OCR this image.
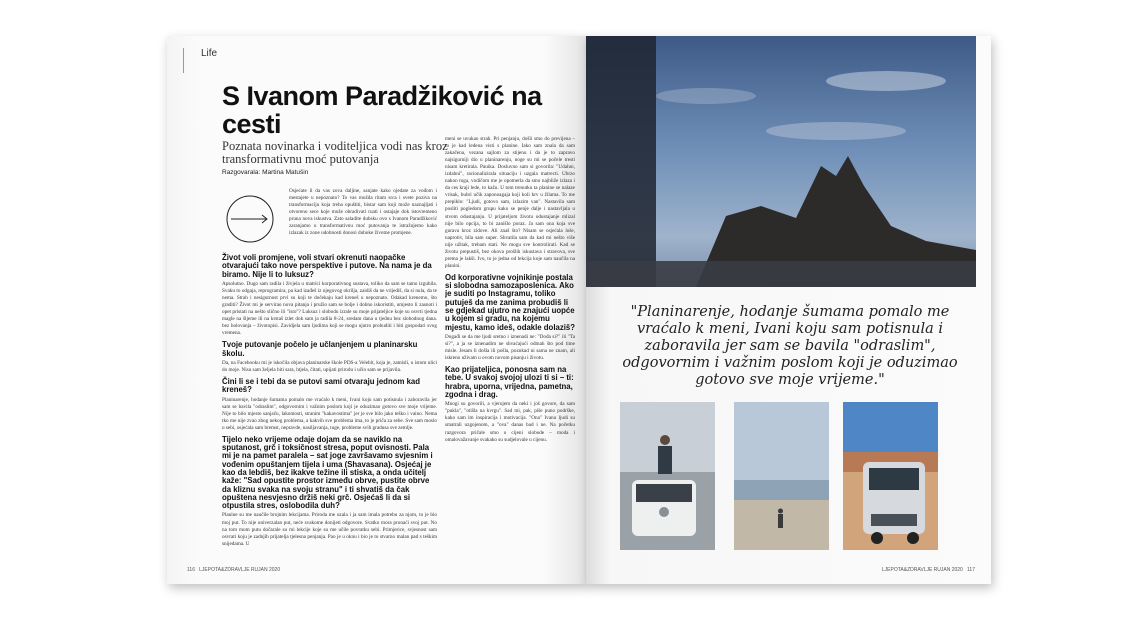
Life
S Ivanom Paradžiković na cesti
Poznata novinarka i voditeljica vodi nas kroz transformativnu moć putovanja
Razgovarala: Martina Matušin

Osjećate li da vas zova daljine, sanjate kako ojedate za vođom i mestajete u nepoznato? To vas možda ritam srca i svete poziva na transformaciju koja treba opuštiti, bistar sam koji može naznajljati i otvoreno sece koje može obradivati ruati i ostajaje dok istovremeno pruna nova iskustva. Zato saladite dubsku ovo s Ivanom Paradžiković zaranjamo u transformativnu moć putovanja te istražujemo kako izlazak iz zone udobnosti donosi duboke životne promjene.

Život voli promjene, voli stvari okrenuti naopačke otvarajući tako nove perspektive i putove. Na nama je da biramo. Nije li to luksuz?

Apsolutno. Dugo sam radila i živjela u matrici korporativnog sustava, toliko da sam se tamo izgubila. Svaku to odgaja, reprogramira, pa kad izađeš iz njegovog okrilja, zaidiš da ne vrijediš, da si nula, da te nema. Strah i nesigurnost prvi su koji te dočekaju kad kreneš u nepoznato. Odakad krenemo, što graditi? Život mi je servirao nova pitanja i pružio sam se bolje i dobno iskoristiti, umjesto li zasnoti i opet pristati na nešto slično ili "isto"? Luksuz i slobodu izrale su moje prijateljice koje su osvrti tjedna magle na šljeme ili na krstaš izlet dok sam ja radila 8-24, sredam dana u tjednu bez slobodnog dana. bez bolovanja – životopisi. Zavidjela sam ljudima koji se mogu ujutro probuditi i biti gospodari svog vremena.

Tvoje putovanje počelo je učlanjenjem u planinarsku školu.

Da, na Facebooku mi je iskočila objava planinarske škole PDS-a Velebit, koja je, zamisli, u istom ulici do moje. Nisu sam željela biti sara, htjela, čitati, upijati prirodu i učio sam se prijavila.

Čini li se i tebi da se putovi sami otvaraju jednom kad kreneš?

Planinarenje, hodanje šumama pomalo me vraćalo k meni, Ivani koju sam potisnula i zaboravila jer sam se bavila "odraslim", odgovornim i važnim poslom koji je oduzimao gotovo sve moje vrijeme. Nije to bilo mjesto sanjaču, lakomosti, stranim "kakavostima" jer je sve bilo jako teško i vaino. Nema tko me nije zvao zbog nekog problema, a kakvih sve problema ima, to je priča za sebe. Sve sam moslo u sebi, osjećala sam bremst, nepravde, nasiljavanja, tuge, probleme svih gradusa sve zemlje.

Tijelo neko vrijeme odaje dojam da se naviklo na sputanost, grč i toksičnost stresa, poput ovisnosti. Pala mi je na pamet paralela – sat joge završavamo svjesnim i vođenim opuštanjem tijela i uma (Shavasana). Osjećaj je kao da lebdiš, bez ikakve težine ili stiska, a onda učitelj kaže: "Sad opustite prostor između obrve, pustite obrve da kliznu svaka na svoju stranu" i ti shvatiš da čak opuštena nesvjesno držiš neki grč. Osjećaš li da si otpustila stres, oslobodila duh?

Planine su me naučile brojnim lekcijama. Priroda me uzala i ja sam imala potrebu za njom, to je bio moj put. To nije univerzalan put, neće svakome donijeti odgovore. Svatko mora pronaći svoj put. No na tom mom putu dočarale su mi lekcije koje su me učile povratku sebi. Primjerice, svjesnost sam osvrati koju je zadnjih prijatelja tjelesna penjanja. Pao je u oknu i bio je to stvarno malan pad s teškim snijedama. U

meni se uvukao strah. Pri penjanju, došli smo do previjena – to je kad ledena visti s planine. Iako sam znala da sam zakačena, vezana sajlom za stijenu i da je to zapravo najsigurniji dio u planinarenju, noge su mi se počele tresti nisam kretirala. Pauika. Dosluvno sam si govorila: "Udahni, izdahni", racionalizirala situaciju i uzgala matrecti. Ubrzo nakon toga, vodičom me je opomerla da smo najbliže izlaza i da ces kraji lede, to kažu. U tom trenutku ta planine se nalaze vrisak, bubri učik zaponoagaja koji koli krv u žilama. To me prepiklo: "Ljudi, gotovo sam, izlazim van". Nastavila sam posliti pogledom grupu kako se penje dalje i nastavljala u stvom odustajanju. U prijateljom životu odustajanje mlizal nije bilo opcija, to bi zanišlo poraz. Ja sam ona koja sve gurava kroz zidove. Ali znaš što? Nisam se osjećala loše, naprotiv, bila sam super. Shvatila sam da kad mi nešto više nije užitak, trebam stati. Ne mogu sve kontrolirati. Kad se životu prepustiš, bez okova prošlih iskustava i stravova, sve prema je lakši. Ivo, to je jedna od lekcija koje sam naučila na planini.

Od korporativne vojnikinje postala si slobodna samozaposlenica. Ako je suditi po Instagramu, toliko putuješ da me zanima probudiš li se gdjekad ujutro ne znajući uopće u kojem si gradu, na kojemu mjestu, kamo ideš, odakle dolaziš?

Događi se da me ljudi sretno i iznenadi ne: "Dođa si?" ili "Ta si?", a ja se iznenadim ne shvaćajući odmah što pod time misle. Jesam li došla ili pošla, poznkad ni sama ne znam, ali iskreno uživam u ovom novom pisanju i životu.

Kao prijateljica, ponosna sam na tebe. U svakoj svojoj ulozi ti si – ti: hrabra, uporna, vrijedna, pametna, zgodna i drag.

Mnogi su govorili, a vjerujem da neki i još govore, da sam "pukla", "otišla na kvrgu". Sad mi, pak, piše puno podrške, kako sam im inspiracija i motivacija. "Ona" Ivanu ljudi su smatrali uzgojenom, a "ova" danas bad i ne. Na početku razgovora pričale smo o cijeni slobode – moda i omalovažavanje svakako su sudjelovale u cijenu.

116 LJEPOTA&ZDRAVLJE RUJAN 2020
"Planinarenje, hodanje šumama pomalo me vraćalo k meni, Ivani koju sam potisnula i zaboravila jer sam se bavila "odraslim", odgovornim i važnim poslom koji je oduzimao gotovo sve moje vrijeme."
LJEPOTA&ZDRAVLJE RUJAN 2020 117
